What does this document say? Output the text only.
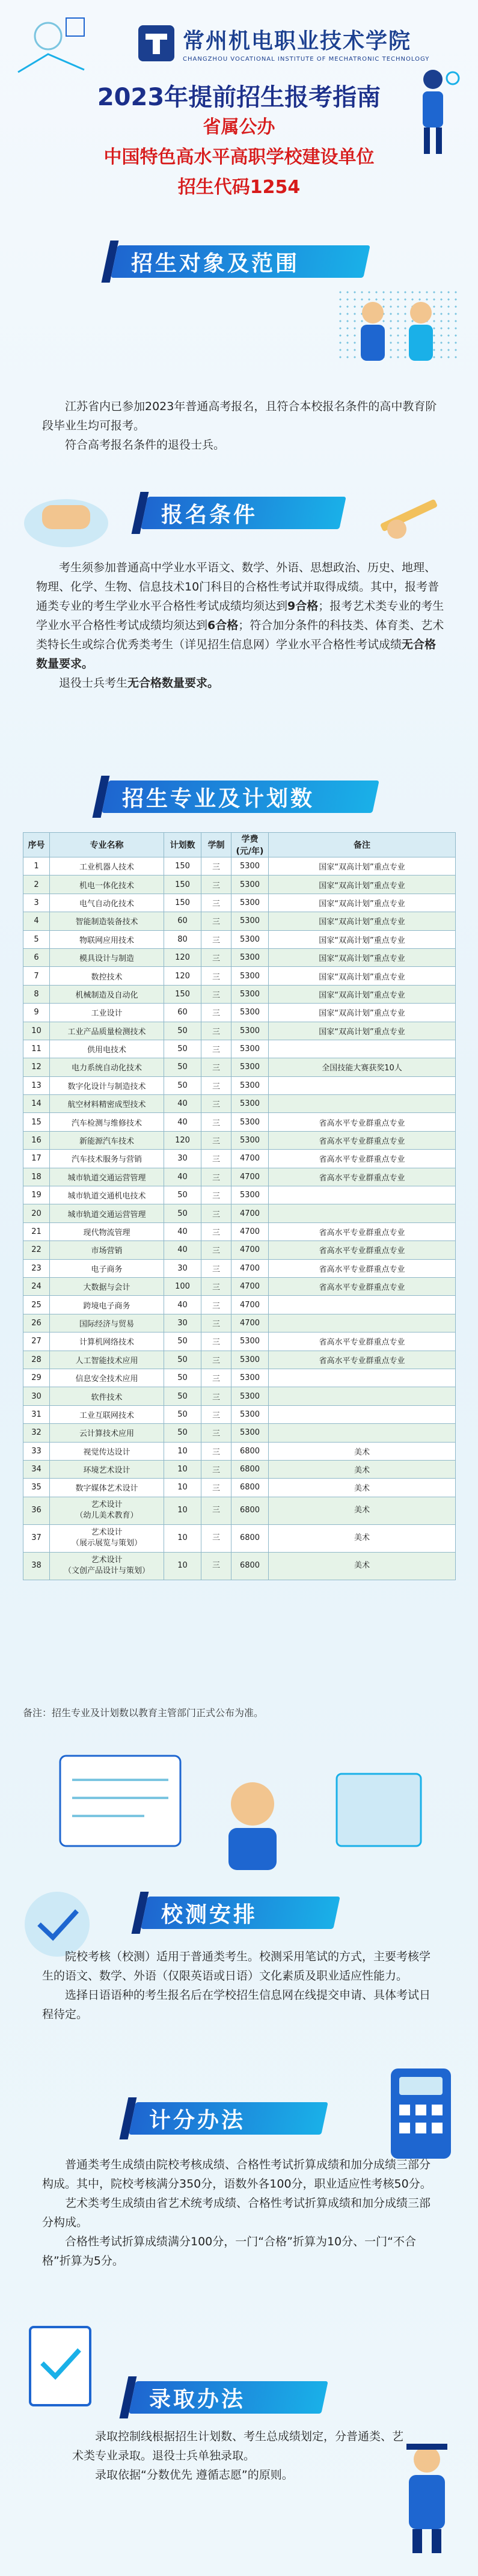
常州机电职业技术学院
CHANGZHOU VOCATIONAL INSTITUTE OF MECHATRONIC TECHNOLOGY
2023年提前招生报考指南
省属公办
中国特色高水平高职学校建设单位
招生代码1254
招生对象及范围

江苏省内已参加2023年普通高考报名，且符合本校报名条件的高中教育阶段毕业生均可报考。

符合高考报名条件的退役士兵。

报名条件

考生须参加普通高中学业水平语文、数学、外语、思想政治、历史、地理、物理、化学、生物、信息技术10门科目的合格性考试并取得成绩。其中，报考普通类专业的考生学业水平合格性考试成绩均须达到9合格；报考艺术类专业的考生学业水平合格性考试成绩均须达到6合格；符合加分条件的科技类、体育类、艺术类特长生或综合优秀类考生（详见招生信息网）学业水平合格性考试成绩无合格数量要求。

退役士兵考生无合格数量要求。

招生专业及计划数
序号	专业名称	计划数	学制	学费(元/年)	备注
1	工业机器人技术	150	三	5300	国家“双高计划”重点专业
2	机电一体化技术	150	三	5300	国家“双高计划”重点专业
3	电气自动化技术	150	三	5300	国家“双高计划”重点专业
4	智能制造装备技术	60	三	5300	国家“双高计划”重点专业
5	物联网应用技术	80	三	5300	国家“双高计划”重点专业
6	模具设计与制造	120	三	5300	国家“双高计划”重点专业
7	数控技术	120	三	5300	国家“双高计划”重点专业
8	机械制造及自动化	150	三	5300	国家“双高计划”重点专业
9	工业设计	60	三	5300	国家“双高计划”重点专业
10	工业产品质量检测技术	50	三	5300	国家“双高计划”重点专业
11	供用电技术	50	三	5300	
12	电力系统自动化技术	50	三	5300	全国技能大赛获奖10人
13	数字化设计与制造技术	50	三	5300	
14	航空材料精密成型技术	40	三	5300	
15	汽车检测与维修技术	40	三	5300	省高水平专业群重点专业
16	新能源汽车技术	120	三	5300	省高水平专业群重点专业
17	汽车技术服务与营销	30	三	4700	省高水平专业群重点专业
18	城市轨道交通运营管理	40	三	4700	省高水平专业群重点专业
19	城市轨道交通机电技术	50	三	5300	
20	城市轨道交通运营管理	50	三	4700	
21	现代物流管理	40	三	4700	省高水平专业群重点专业
22	市场营销	40	三	4700	省高水平专业群重点专业
23	电子商务	30	三	4700	省高水平专业群重点专业
24	大数据与会计	100	三	4700	省高水平专业群重点专业
25	跨境电子商务	40	三	4700	
26	国际经济与贸易	30	三	4700	
27	计算机网络技术	50	三	5300	省高水平专业群重点专业
28	人工智能技术应用	50	三	5300	省高水平专业群重点专业
29	信息安全技术应用	50	三	5300	
30	软件技术	50	三	5300	
31	工业互联网技术	50	三	5300	
32	云计算技术应用	50	三	5300	
33	视觉传达设计	10	三	6800	美术
34	环境艺术设计	10	三	6800	美术
35	数字媒体艺术设计	10	三	6800	美术
36	艺术设计
（幼儿美术教育）	10	三	6800	美术
37	艺术设计
（展示展览与策划）	10	三	6800	美术
38	艺术设计
（文创产品设计与策划）	10	三	6800	美术
备注：招生专业及计划数以教育主管部门正式公布为准。
校测安排

院校考核（校测）适用于普通类考生。校测采用笔试的方式，主要考核学生的语文、数学、外语（仅限英语或日语）文化素质及职业适应性能力。

选择日语语种的考生报名后在学校招生信息网在线提交申请、具体考试日程待定。

计分办法

普通类考生成绩由院校考核成绩、合格性考试折算成绩和加分成绩三部分构成。其中，院校考核满分350分，语数外各100分，职业适应性考核50分。

艺术类考生成绩由省艺术统考成绩、合格性考试折算成绩和加分成绩三部分构成。

合格性考试折算成绩满分100分，一门“合格”折算为10分、一门“不合格”折算为5分。

录取办法

录取控制线根据招生计划数、考生总成绩划定，分普通类、艺术类专业录取。退役士兵单独录取。

录取依据“分数优先 遵循志愿”的原则。
